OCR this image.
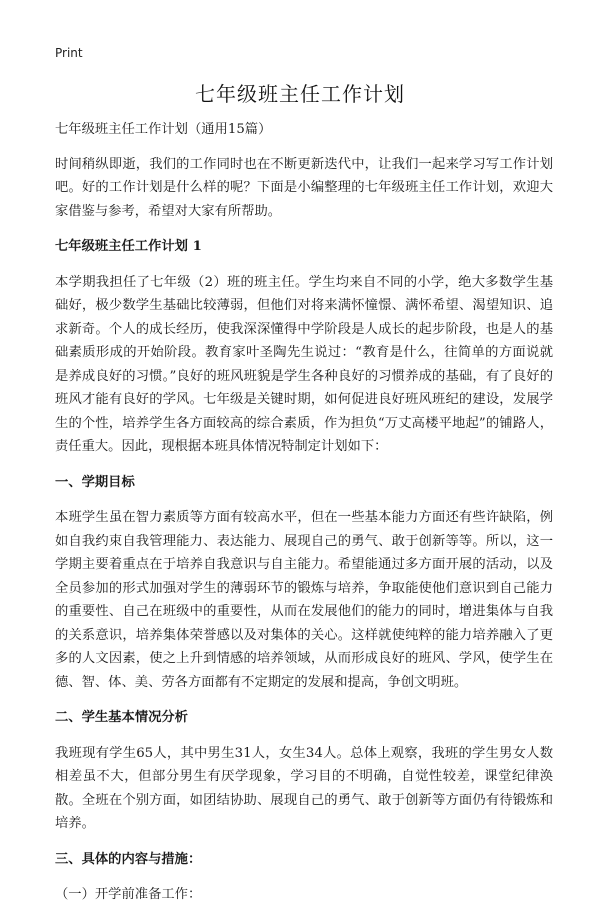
Print
七年级班主任工作计划

七年级班主任工作计划（通用15篇）

时间稍纵即逝，我们的工作同时也在不断更新迭代中，让我们一起来学习写工作计划吧。好的工作计划是什么样的呢？下面是小编整理的七年级班主任工作计划，欢迎大家借鉴与参考，希望对大家有所帮助。

七年级班主任工作计划 1

本学期我担任了七年级（2）班的班主任。学生均来自不同的小学，绝大多数学生基础好，极少数学生基础比较薄弱，但他们对将来满怀憧憬、满怀希望、渴望知识、追求新奇。个人的成长经历，使我深深懂得中学阶段是人成长的起步阶段，也是人的基础素质形成的开始阶段。教育家叶圣陶先生说过：“教育是什么，往简单的方面说就是养成良好的习惯。”良好的班风班貌是学生各种良好的习惯养成的基础，有了良好的班风才能有良好的学风。七年级是关键时期，如何促进良好班风班纪的建设，发展学生的个性，培养学生各方面较高的综合素质，作为担负“万丈高楼平地起”的铺路人，责任重大。因此，现根据本班具体情况特制定计划如下：

一、学期目标

本班学生虽在智力素质等方面有较高水平，但在一些基本能力方面还有些许缺陷，例如自我约束自我管理能力、表达能力、展现自己的勇气、敢于创新等等。所以，这一学期主要着重点在于培养自我意识与自主能力。希望能通过多方面开展的活动，以及全员参加的形式加强对学生的薄弱环节的锻炼与培养，争取能使他们意识到自己能力的重要性、自己在班级中的重要性，从而在发展他们的能力的同时，增进集体与自我的关系意识，培养集体荣誉感以及对集体的关心。这样就使纯粹的能力培养融入了更多的人文因素，使之上升到情感的培养领域，从而形成良好的班风、学风，使学生在德、智、体、美、劳各方面都有不定期定的发展和提高，争创文明班。

二、学生基本情况分析

我班现有学生65人，其中男生31人，女生34人。总体上观察，我班的学生男女人数相差虽不大，但部分男生有厌学现象，学习目的不明确，自觉性较差，课堂纪律涣散。全班在个别方面，如团结协助、展现自己的勇气、敢于创新等方面仍有待锻炼和培养。

三、具体的内容与措施：

（一）开学前准备工作：
